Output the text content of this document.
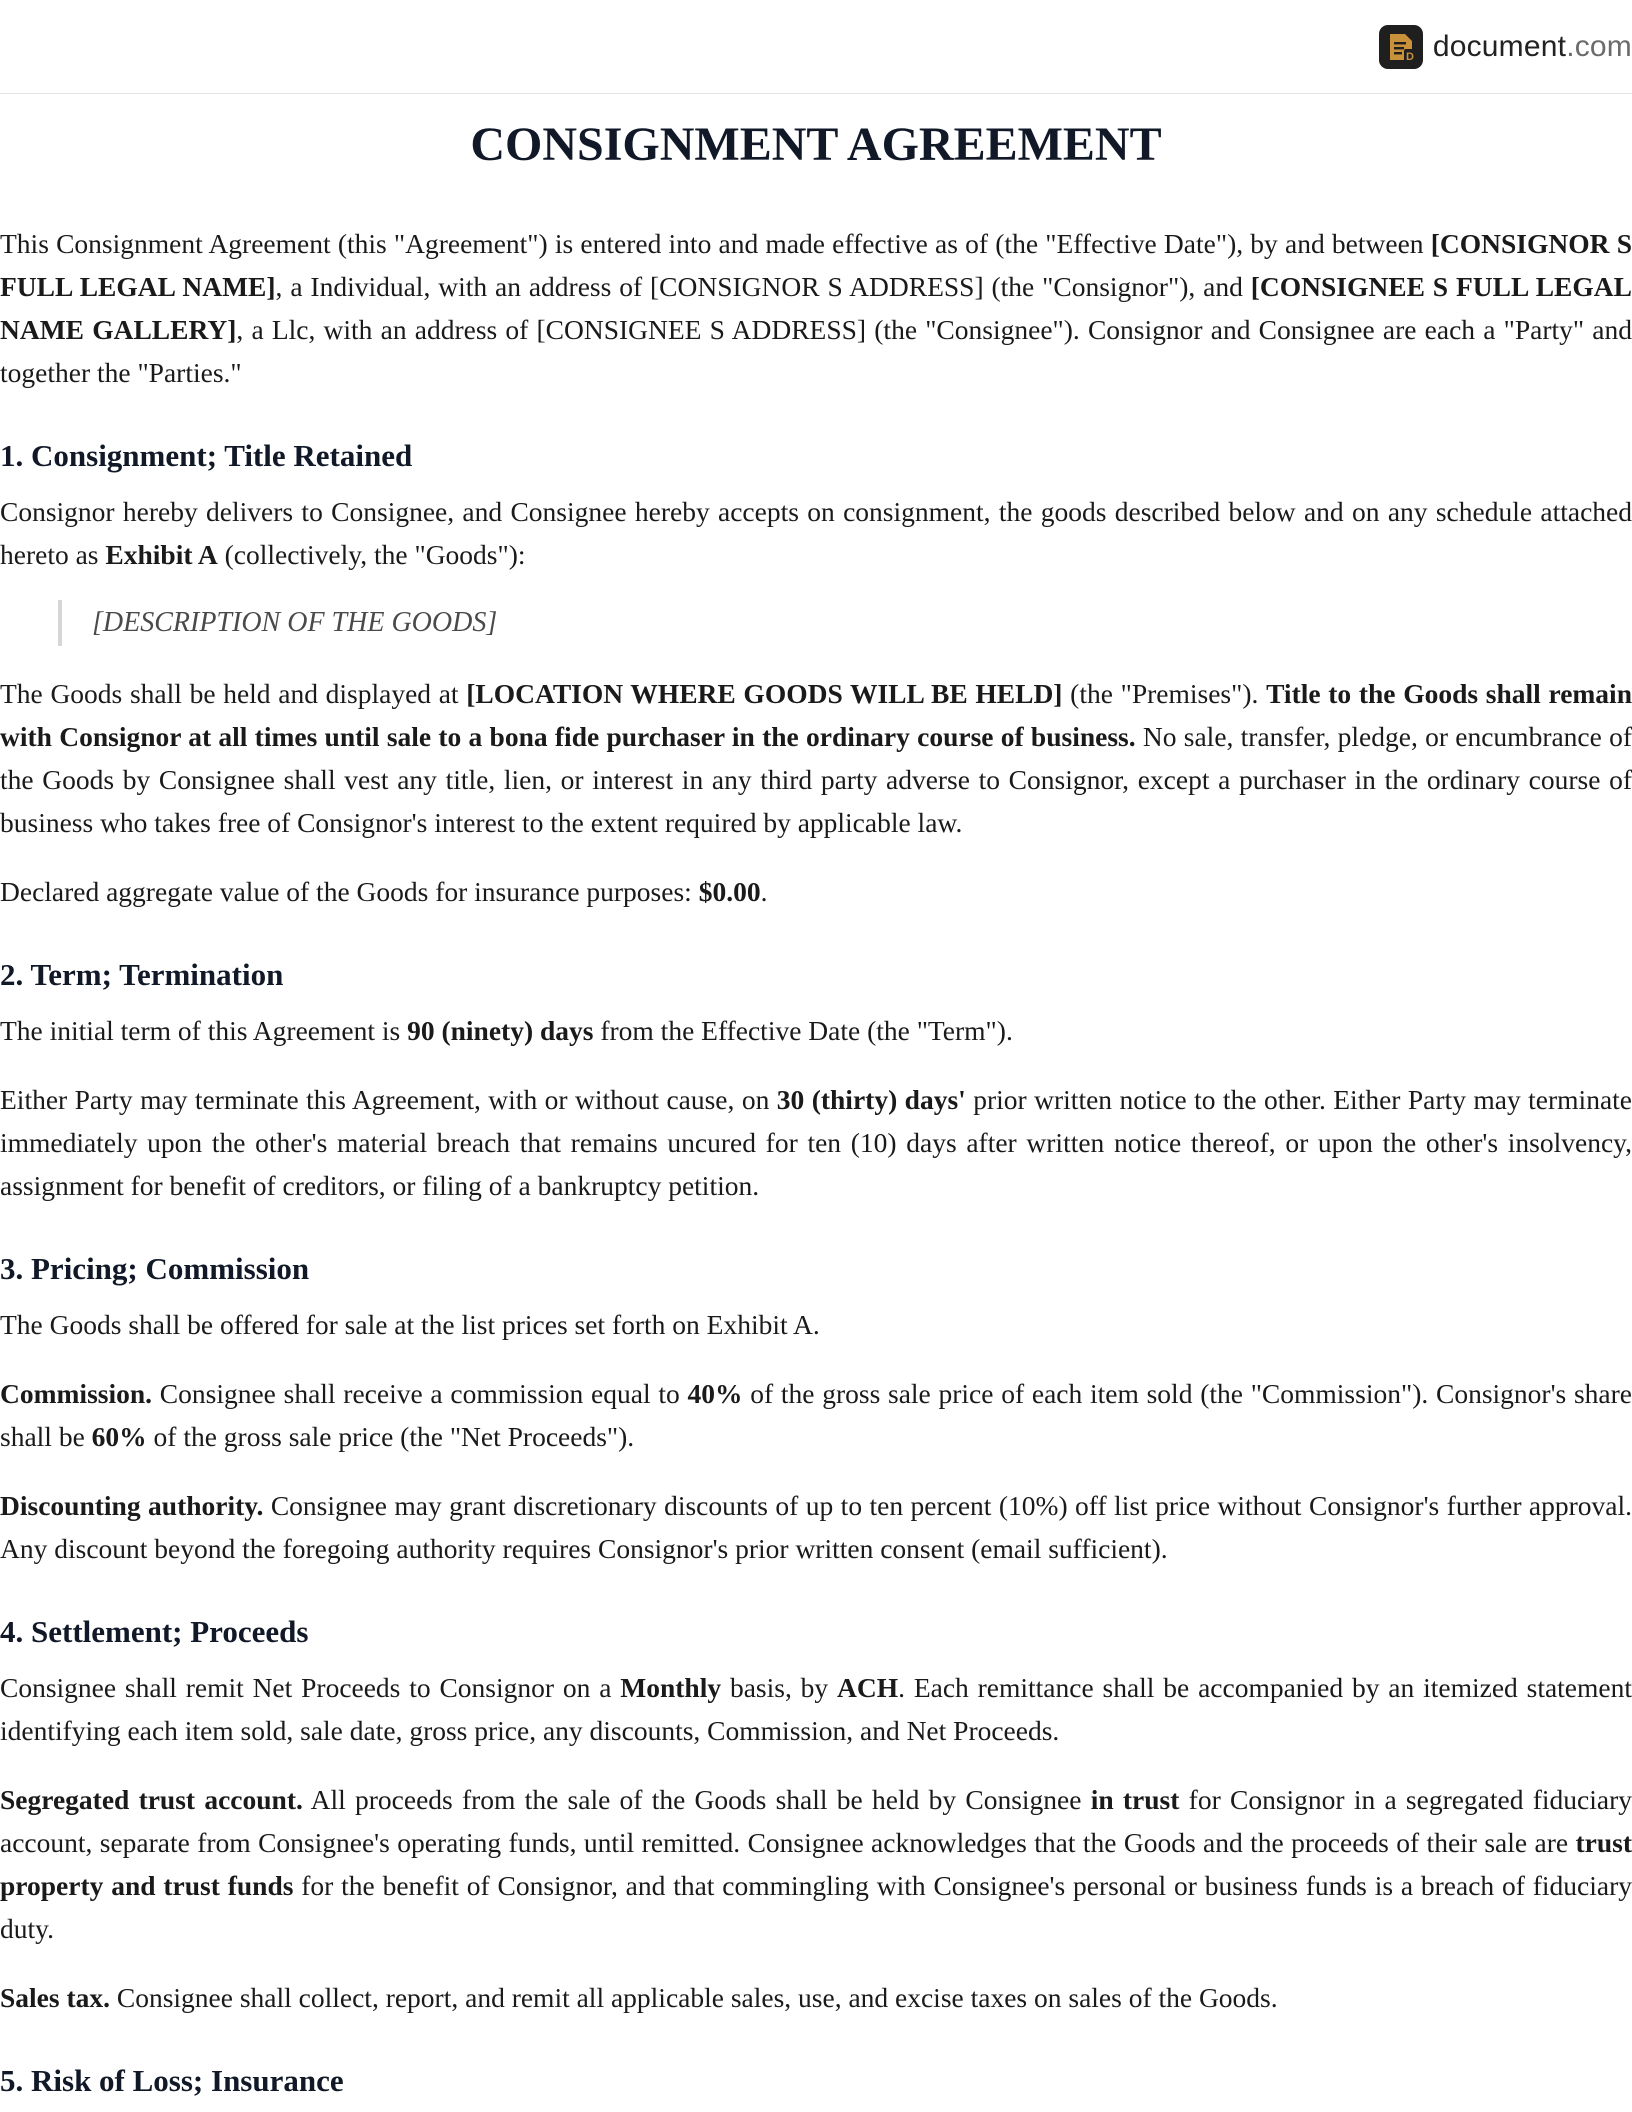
D document.com
CONSIGNMENT AGREEMENT

This Consignment Agreement (this "Agreement") is entered into and made effective as of (the "Effective Date"), by and between [CONSIGNOR S FULL LEGAL NAME], a Individual, with an address of [CONSIGNOR S ADDRESS] (the "Consignor"), and [CONSIGNEE S FULL LEGAL NAME GALLERY], a Llc, with an address of [CONSIGNEE S ADDRESS] (the "Consignee"). Consignor and Consignee are each a "Party" and together the "Parties."

1. Consignment; Title Retained

Consignor hereby delivers to Consignee, and Consignee hereby accepts on consignment, the goods described below and on any schedule attached hereto as Exhibit A (collectively, the "Goods"):

[DESCRIPTION OF THE GOODS]

The Goods shall be held and displayed at [LOCATION WHERE GOODS WILL BE HELD] (the "Premises"). Title to the Goods shall remain with Consignor at all times until sale to a bona fide purchaser in the ordinary course of business. No sale, transfer, pledge, or encumbrance of the Goods by Consignee shall vest any title, lien, or interest in any third party adverse to Consignor, except a purchaser in the ordinary course of business who takes free of Consignor's interest to the extent required by applicable law.

Declared aggregate value of the Goods for insurance purposes: $0.00.

2. Term; Termination

The initial term of this Agreement is 90 (ninety) days from the Effective Date (the "Term").

Either Party may terminate this Agreement, with or without cause, on 30 (thirty) days' prior written notice to the other. Either Party may terminate immediately upon the other's material breach that remains uncured for ten (10) days after written notice thereof, or upon the other's insolvency, assignment for benefit of creditors, or filing of a bankruptcy petition.

3. Pricing; Commission

The Goods shall be offered for sale at the list prices set forth on Exhibit A.

Commission. Consignee shall receive a commission equal to 40% of the gross sale price of each item sold (the "Commission"). Consignor's share shall be 60% of the gross sale price (the "Net Proceeds").

Discounting authority. Consignee may grant discretionary discounts of up to ten percent (10%) off list price without Consignor's further approval. Any discount beyond the foregoing authority requires Consignor's prior written consent (email sufficient).

4. Settlement; Proceeds

Consignee shall remit Net Proceeds to Consignor on a Monthly basis, by ACH. Each remittance shall be accompanied by an itemized statement identifying each item sold, sale date, gross price, any discounts, Commission, and Net Proceeds.

Segregated trust account. All proceeds from the sale of the Goods shall be held by Consignee in trust for Consignor in a segregated fiduciary account, separate from Consignee's operating funds, until remitted. Consignee acknowledges that the Goods and the proceeds of their sale are trust property and trust funds for the benefit of Consignor, and that commingling with Consignee's personal or business funds is a breach of fiduciary duty.

Sales tax. Consignee shall collect, report, and remit all applicable sales, use, and excise taxes on sales of the Goods.

5. Risk of Loss; Insurance
